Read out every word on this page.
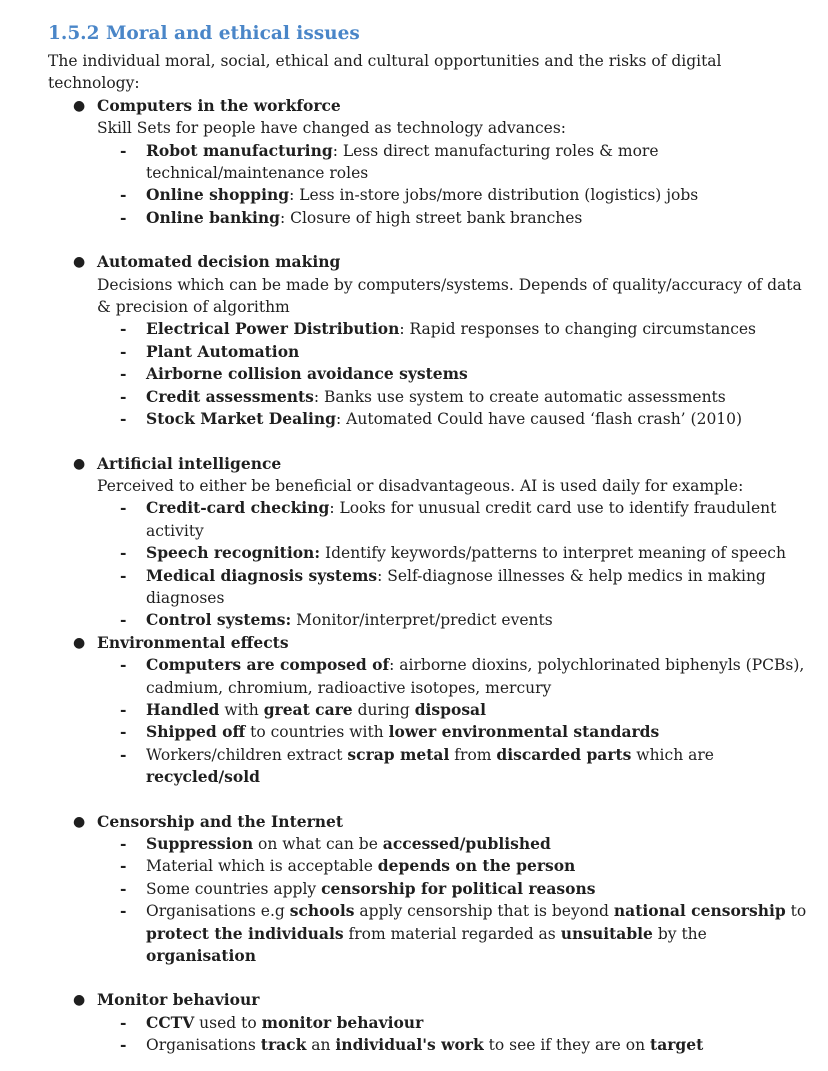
1.5.2 Moral and ethical issues

The individual moral, social, ethical and cultural opportunities and the risks of digital technology:

● Computers in the workforce
Skill Sets for people have changed as technology advances:
- Robot manufacturing: Less direct manufacturing roles & more technical/maintenance roles
- Online shopping: Less in-store jobs/more distribution (logistics) jobs
- Online banking: Closure of high street bank branches
● Automated decision making
Decisions which can be made by computers/systems. Depends of quality/accuracy of data & precision of algorithm
- Electrical Power Distribution: Rapid responses to changing circumstances
- Plant Automation
- Airborne collision avoidance systems
- Credit assessments: Banks use system to create automatic assessments
- Stock Market Dealing: Automated Could have caused ‘flash crash’ (2010)
● Artificial intelligence
Perceived to either be beneficial or disadvantageous. AI is used daily for example:
- Credit-card checking: Looks for unusual credit card use to identify fraudulent activity
- Speech recognition: Identify keywords/patterns to interpret meaning of speech
- Medical diagnosis systems: Self-diagnose illnesses & help medics in making diagnoses
- Control systems: Monitor/interpret/predict events
● Environmental effects
- Computers are composed of: airborne dioxins, polychlorinated biphenyls (PCBs), cadmium, chromium, radioactive isotopes, mercury
- Handled with great care during disposal
- Shipped off to countries with lower environmental standards
- Workers/children extract scrap metal from discarded parts which are recycled/sold
● Censorship and the Internet
- Suppression on what can be accessed/published
- Material which is acceptable depends on the person
- Some countries apply censorship for political reasons
- Organisations e.g schools apply censorship that is beyond national censorship to protect the individuals from material regarded as unsuitable by the organisation
● Monitor behaviour
- CCTV used to monitor behaviour
- Organisations track an individual's work to see if they are on target
